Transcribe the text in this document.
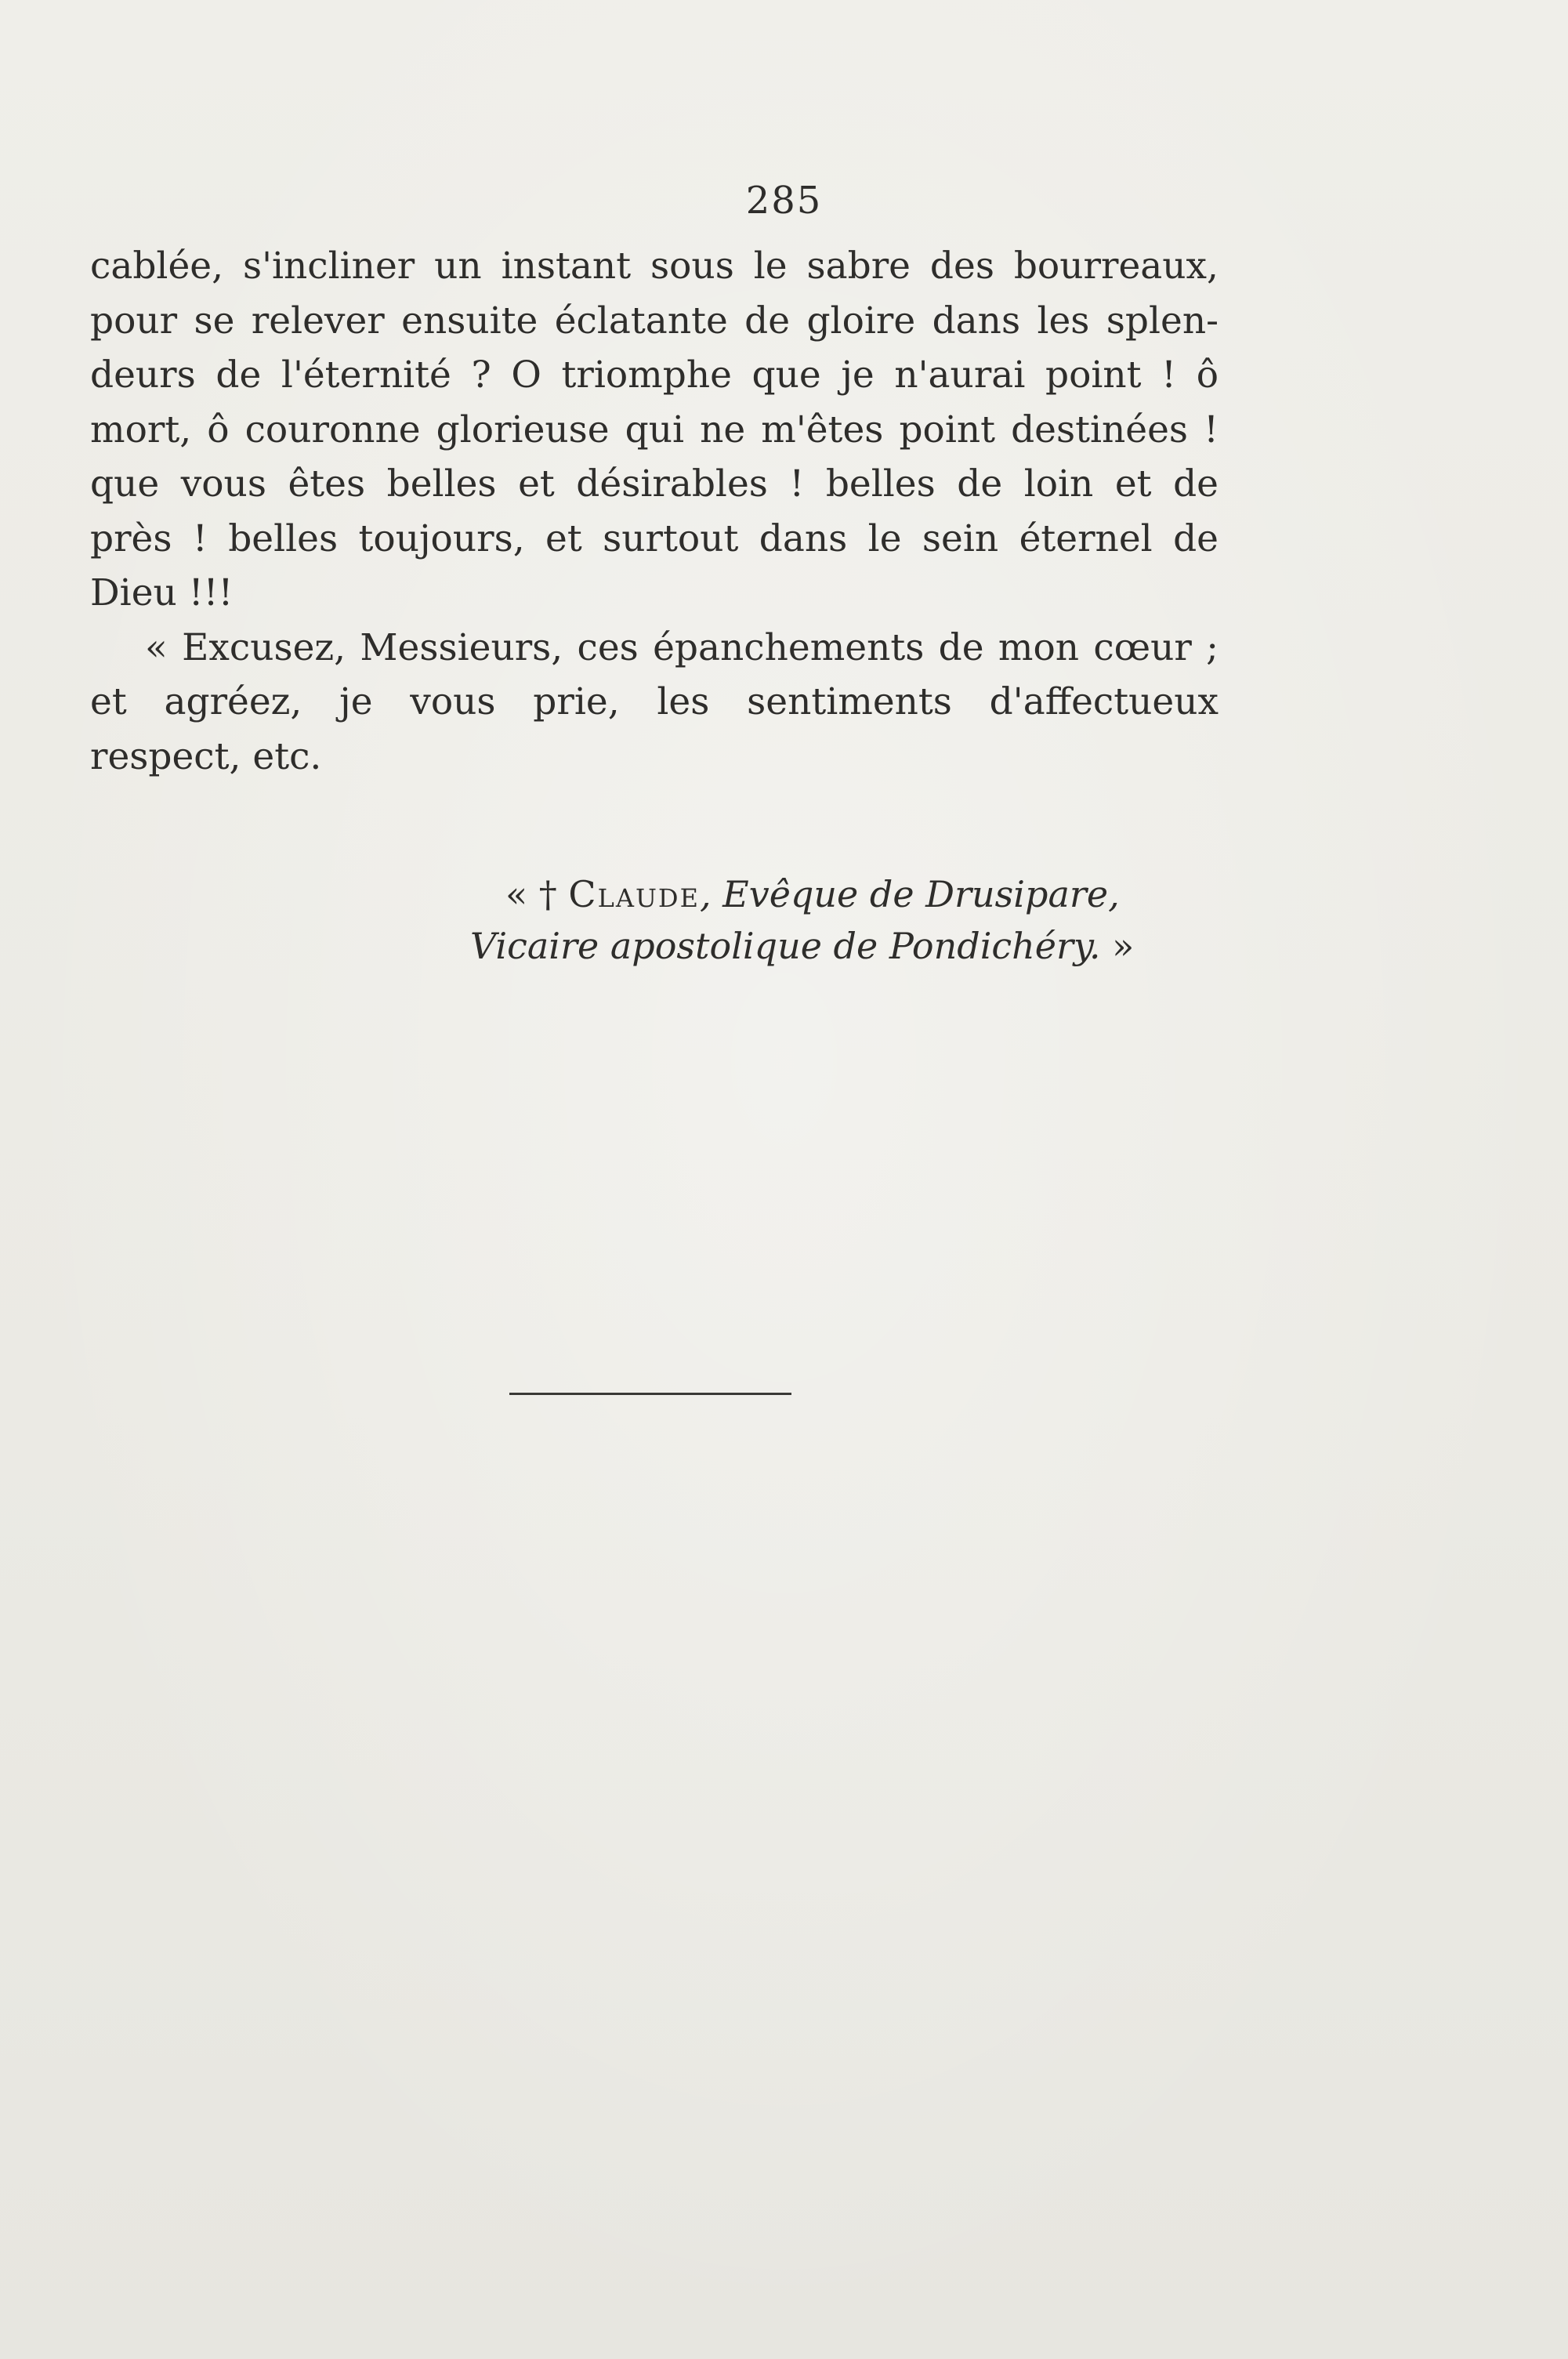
285
cablée, s'incliner un instant sous le sabre des bourreaux,
pour se relever ensuite éclatante de gloire dans les splen-
deurs de l'éternité ? O triomphe que je n'aurai point ! ô
mort, ô couronne glorieuse qui ne m'êtes point destinées !
que vous êtes belles et désirables ! belles de loin et de
près ! belles toujours, et surtout dans le sein éternel de
Dieu !!!
« Excusez, Messieurs, ces épanchements de mon cœur ;
et agréez, je vous prie, les sentiments d'affectueux
respect, etc.
« † Claude, Evêque de Drusipare,
Vicaire apostolique de Pondichéry. »
